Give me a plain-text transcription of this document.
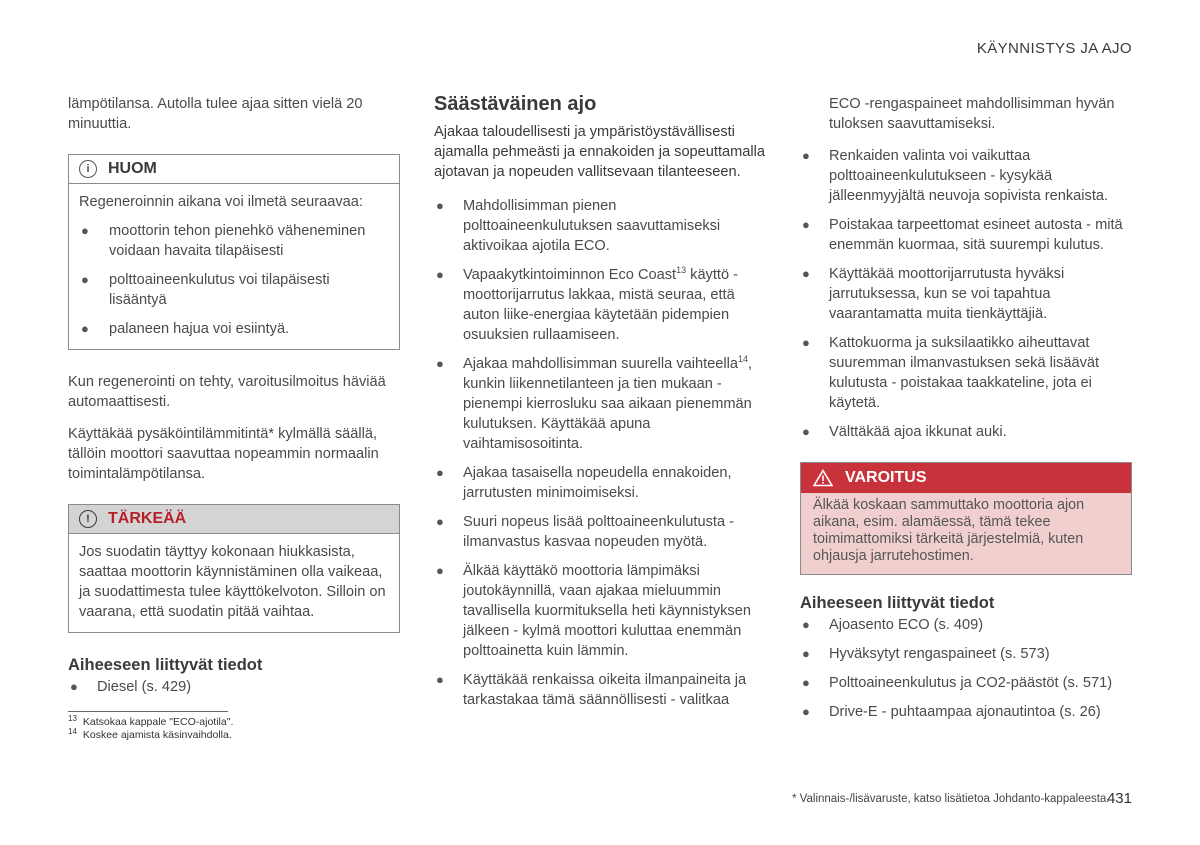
KÄYNNISTYS JA AJO

lämpötilansa. Autolla tulee ajaa sitten vielä 20 minuuttia.

i	HUOM

Regeneroinnin aikana voi ilmetä seuraavaa:

● moottorin tehon pienehkö väheneminen voidaan havaita tilapäisesti
● polttoaineenkulutus voi tilapäisesti lisääntyä
● palaneen hajua voi esiintyä.

Kun regenerointi on tehty, varoitusilmoitus häviää automaattisesti.

Käyttäkää pysäköintilämmitintä* kylmällä säällä, tällöin moottori saavuttaa nopeammin normaalin toimintalämpötilansa.

!	TÄRKEÄÄ
Jos suodatin täyttyy kokonaan hiukkasista, saattaa moottorin käynnistäminen olla vaikeaa, ja suodattimesta tulee käyttökelvoton. Silloin on vaarana, että suodatin pitää vaihtaa.
Aiheeseen liittyvät tiedot
● Diesel (s. 429)
Säästäväinen ajo

Ajakaa taloudellisesti ja ympäristöystävällisesti ajamalla pehmeästi ja ennakoiden ja sopeuttamalla ajotavan ja nopeuden vallitsevaan tilanteeseen.

● Mahdollisimman pienen polttoaineenkulutuksen saavuttamiseksi aktivoikaa ajotila ECO.
● Vapaakytkintoiminnon Eco Coast$^{13}$ käyttö - moottorijarrutus lakkaa, mistä seuraa, että auton liike-energiaa käytetään pidempien osuuksien rullaamiseen.
● Ajakaa mahdollisimman suurella vaihteella$^{14}$, kunkin liikennetilanteen ja tien mukaan - pienempi kierrosluku saa aikaan pienemmän kulutuksen. Käyttäkää apuna vaihtamisosoitinta.
● Ajakaa tasaisella nopeudella ennakoiden, jarrutusten minimoimiseksi.
● Suuri nopeus lisää polttoaineenkulutusta - ilmanvastus kasvaa nopeuden myötä.
● Älkää käyttäkö moottoria lämpimäksi joutokäynnillä, vaan ajakaa mieluummin tavallisella kuormituksella heti käynnistyksen jälkeen - kylmä moottori kuluttaa enemmän polttoainetta kuin lämmin.
● Käyttäkää renkaissa oikeita ilmanpaineita ja tarkastakaa tämä säännöllisesti - valitkaa

ECO -rengaspaineet mahdollisimman hyvän tuloksen saavuttamiseksi.

● Renkaiden valinta voi vaikuttaa polttoaineenkulutukseen - kysykää jälleenmyyjältä neuvoja sopivista renkaista.
● Poistakaa tarpeettomat esineet autosta - mitä enemmän kuormaa, sitä suurempi kulutus.
● Käyttäkää moottorijarrutusta hyväksi jarrutuksessa, kun se voi tapahtua vaarantamatta muita tienkäyttäjiä.
● Kattokuorma ja suksilaatikko aiheuttavat suuremman ilmanvastuksen sekä lisäävät kulutusta - poistakaa taakkateline, jota ei käytetä.
● Välttäkää ajoa ikkunat auki.
VAROITUS
Älkää koskaan sammuttako moottoria ajon aikana, esim. alamäessä, tämä tekee toimimattomiksi tärkeitä järjestelmiä, kuten ohjausja jarrutehostimen.
Aiheeseen liittyvät tiedot
● Ajoasento ECO (s. 409)
● Hyväksytyt rengaspaineet (s. 573)
● Polttoaineenkulutus ja CO2-päästöt (s. 571)
● Drive-E - puhtaampaa ajonautintoa (s. 26)
$^{13}$ Katsokaa kappale "ECO-ajotila".
$^{14}$ Koskee ajamista käsinvaihdolla.
* Valinnais-/lisävaruste, katso lisätietoa Johdanto-kappaleesta.
431
